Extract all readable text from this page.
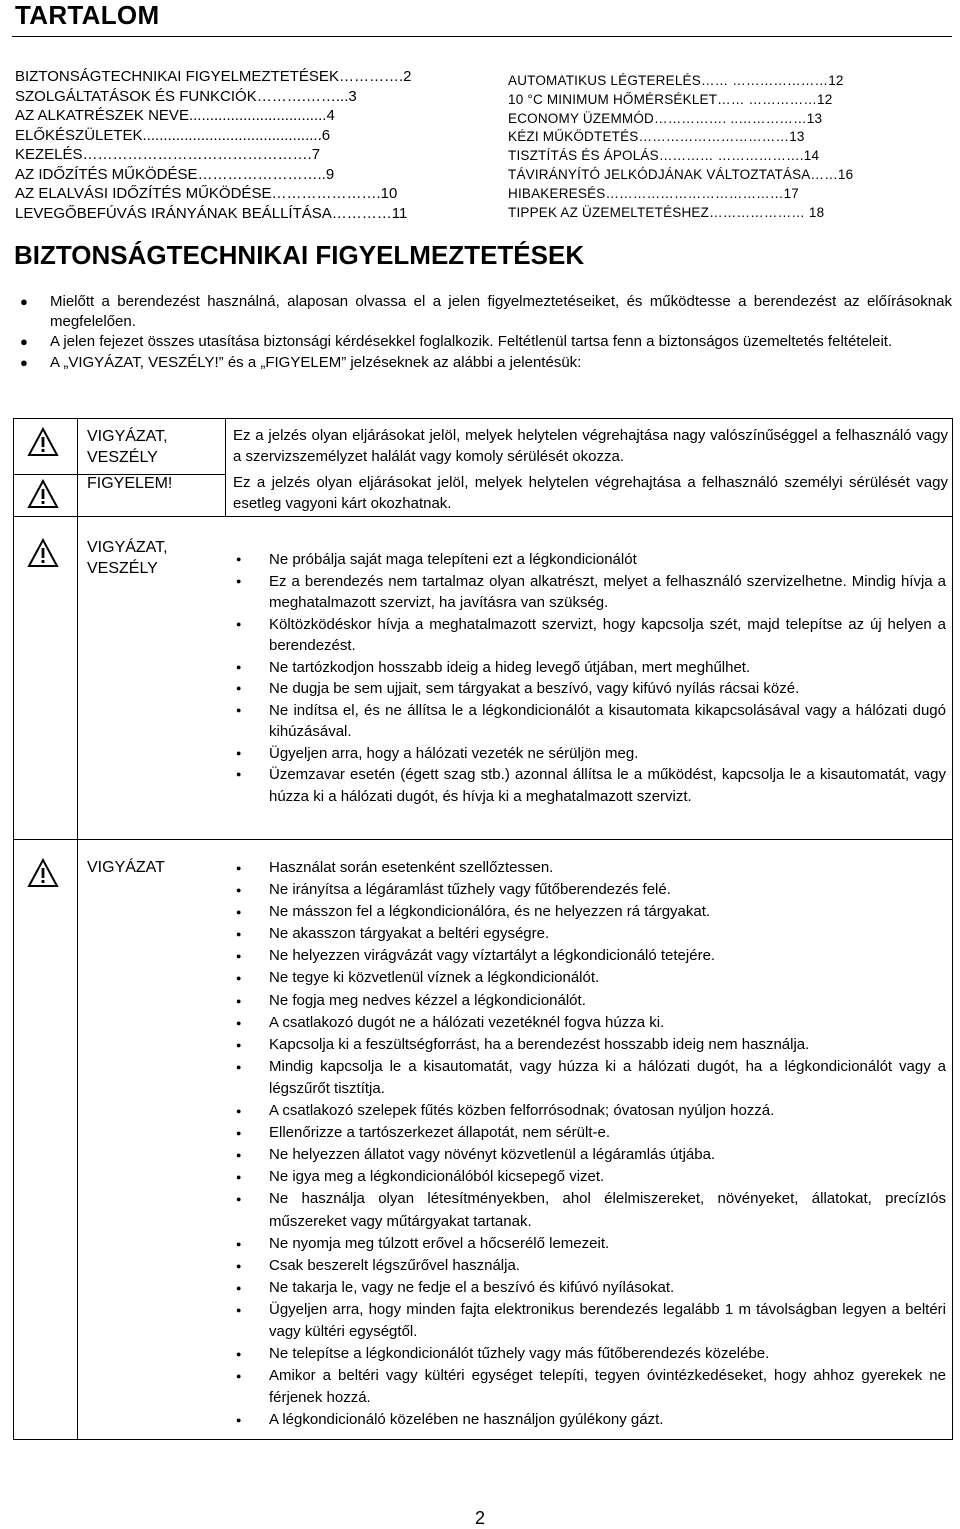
TARTALOM
BIZTONSÁGTECHNIKAI FIGYELMEZTETÉSEK………….2
SZOLGÁLTATÁSOK ÉS FUNKCIÓK……….……...3
AZ ALKATRÉSZEK NEVE.................................4
ELŐKÉSZÜLETEK...........................................6
KEZELÉS……………………………………….7
AZ IDŐZÍTÉS MŰKÖDÉSE……………………..9
AZ ELALVÁSI IDŐZÍTÉS MŰKÖDÉSE………………….10
LEVEGŐBEFÚVÁS IRÁNYÁNAK BEÁLLÍTÁSA…………11
AUTOMATIKUS LÉGTERELÉS…… …………………12
10 °C MINIMUM HŐMÉRSÉKLET…… ……………12
ECONOMY ÜZEMMÓD……………. ..……………13
KÉZI MŰKÖDTETÉS……………………………13
TISZTÍTÁS ÉS ÁPOLÁS………… ……………….14
TÁVIRÁNYÍTÓ JELKÓDJÁNAK VÁLTOZTATÁSA……16
HIBAKERESÉS…………………………………17
TIPPEK AZ ÜZEMELTETÉSHEZ………………… 18
BIZTONSÁGTECHNIKAI FIGYELMEZTETÉSEK
● Mielőtt a berendezést használná, alaposan olvassa el a jelen figyelmeztetéseiket, és működtesse a berendezést az előírásoknak megfelelően.
● A jelen fejezet összes utasítása biztonsági kérdésekkel foglalkozik. Feltétlenül tartsa fenn a biztonságos üzemeltetés feltételeit.
● A „VIGYÁZAT, VESZÉLY!” és a „FIGYELEM” jelzéseknek az alábbi a jelentésük:
VIGYÁZAT,
VESZÉLY
Ez a jelzés olyan eljárásokat jelöl, melyek helytelen végrehajtása nagy valószínűséggel a felhasználó vagy a szervizszemélyzet halálát vagy komoly sérülését okozza.
FIGYELEM!	Ez a jelzés olyan eljárásokat jelöl, melyek helytelen végrehajtása a felhasználó személyi sérülését vagy esetleg vagyoni kárt okozhatnak.
VIGYÁZAT,
VESZÉLY
● Ne próbálja saját maga telepíteni ezt a légkondicionálót
● Ez a berendezés nem tartalmaz olyan alkatrészt, melyet a felhasználó szervizelhetne. Mindig hívja a meghatalmazott szervizt, ha javításra van szükség.
● Költözködéskor hívja a meghatalmazott szervizt, hogy kapcsolja szét, majd telepítse az új helyen a berendezést.
● Ne tartózkodjon hosszabb ideig a hideg levegő útjában, mert meghűlhet.
● Ne dugja be sem ujjait, sem tárgyakat a beszívó, vagy kifúvó nyílás rácsai közé.
● Ne indítsa el, és ne állítsa le a légkondicionálót a kisautomata kikapcsolásával vagy a hálózati dugó kihúzásával.
● Ügyeljen arra, hogy a hálózati vezeték ne sérüljön meg.
● Üzemzavar esetén (égett szag stb.) azonnal állítsa le a működést, kapcsolja le a kisautomatát, vagy húzza ki a hálózati dugót, és hívja ki a meghatalmazott szervizt.
VIGYÁZAT	● Használat során esetenként szellőztessen.
● Ne irányítsa a légáramlást tűzhely vagy fűtőberendezés felé.
● Ne másszon fel a légkondicionálóra, és ne helyezzen rá tárgyakat.
● Ne akasszon tárgyakat a beltéri egységre.
● Ne helyezzen virágvázát vagy víztartályt a légkondicionáló tetejére.
● Ne tegye ki közvetlenül víznek a légkondicionálót.
● Ne fogja meg nedves kézzel a légkondicionálót.
● A csatlakozó dugót ne a hálózati vezetéknél fogva húzza ki.
● Kapcsolja ki a feszültségforrást, ha a berendezést hosszabb ideig nem használja.
● Mindig kapcsolja le a kisautomatát, vagy húzza ki a hálózati dugót, ha a légkondicionálót vagy a légszűrőt tisztítja.
● A csatlakozó szelepek fűtés közben felforrósodnak; óvatosan nyúljon hozzá.
● Ellenőrizze a tartószerkezet állapotát, nem sérült-e.
● Ne helyezzen állatot vagy növényt közvetlenül a légáramlás útjába.
● Ne igya meg a légkondicionálóból kicsepegő vizet.
● Ne használja olyan létesítményekben, ahol élelmiszereket, növényeket, állatokat, precízIós műszereket vagy műtárgyakat tartanak.
● Ne nyomja meg túlzott erővel a hőcserélő lemezeit.
● Csak beszerelt légszűrővel használja.
● Ne takarja le, vagy ne fedje el a beszívó és kifúvó nyílásokat.
● Ügyeljen arra, hogy minden fajta elektronikus berendezés legalább 1 m távolságban legyen a beltéri vagy kültéri egységtől.
● Ne telepítse a légkondicionálót tűzhely vagy más fűtőberendezés közelébe.
● Amikor a beltéri vagy kültéri egységet telepíti, tegyen óvintézkedéseket, hogy ahhoz gyerekek ne férjenek hozzá.
● A légkondicionáló közelében ne használjon gyúlékony gázt.
2
